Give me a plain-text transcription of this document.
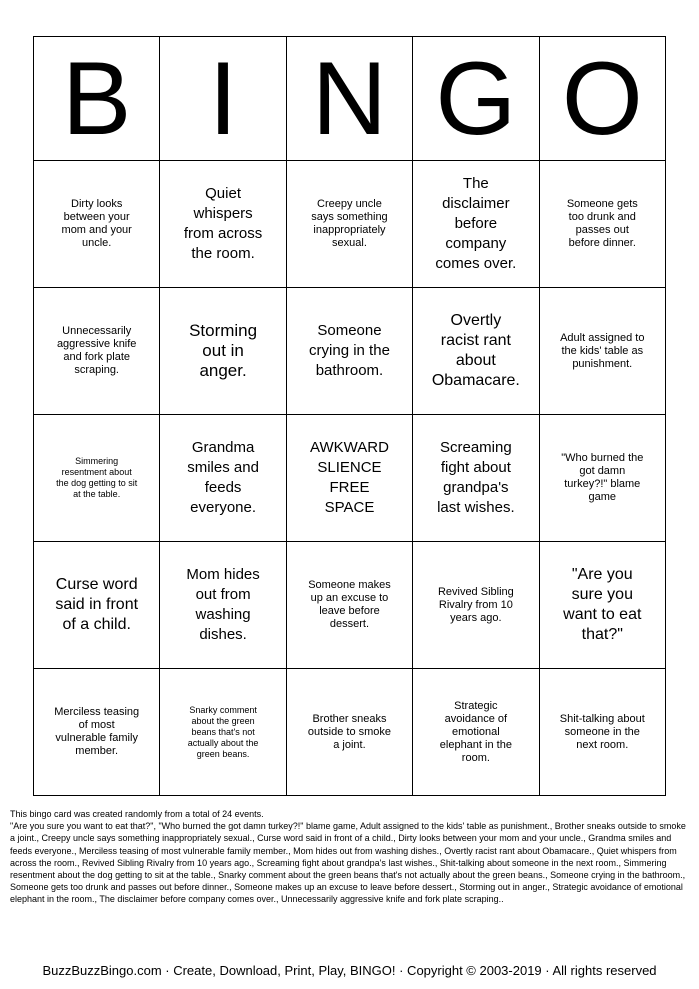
B	I	N	G	O

Dirty looks between your mom and your uncle.	Quiet whispers from across the room.	Creepy uncle says something inappropriately sexual.	The disclaimer before company comes over.	Someone gets too drunk and passes out before dinner.

Unnecessarily aggressive knife and fork plate scraping.	Storming out in anger.	Someone crying in the bathroom.	Overtly racist rant about Obamacare.	Adult assigned to the kids' table as punishment.

Simmering resentment about the dog getting to sit at the table.	Grandma smiles and feeds everyone.	AWKWARD SLIENCE FREE SPACE	Screaming fight about grandpa's last wishes.	"Who burned the got damn turkey?!" blame game

Curse word said in front of a child.	Mom hides out from washing dishes.	Someone makes up an excuse to leave before dessert.	Revived Sibling Rivalry from 10 years ago.	"Are you sure you want to eat that?"

Merciless teasing of most vulnerable family member.	Snarky comment about the green beans that's not actually about the green beans.	Brother sneaks outside to smoke a joint.	Strategic avoidance of emotional elephant in the room.	Shit-talking about someone in the next room.

This bingo card was created randomly from a total of 24 events.

"Are you sure you want to eat that?", "Who burned the got damn turkey?!" blame game, Adult assigned to the kids' table as punishment., Brother sneaks outside to smoke a joint., Creepy uncle says something inappropriately sexual., Curse word said in front of a child., Dirty looks between your mom and your uncle., Grandma smiles and feeds everyone., Merciless teasing of most vulnerable family member., Mom hides out from washing dishes., Overtly racist rant about Obamacare., Quiet whispers from across the room., Revived Sibling Rivalry from 10 years ago., Screaming fight about grandpa's last wishes., Shit-talking about someone in the next room., Simmering resentment about the dog getting to sit at the table., Snarky comment about the green beans that's not actually about the green beans., Someone crying in the bathroom., Someone gets too drunk and passes out before dinner., Someone makes up an excuse to leave before dessert., Storming out in anger., Strategic avoidance of emotional elephant in the room., The disclaimer before company comes over., Unnecessarily aggressive knife and fork plate scraping..

BuzzBuzzBingo.com · Create, Download, Print, Play, BINGO! · Copyright © 2003-2019 · All rights reserved
